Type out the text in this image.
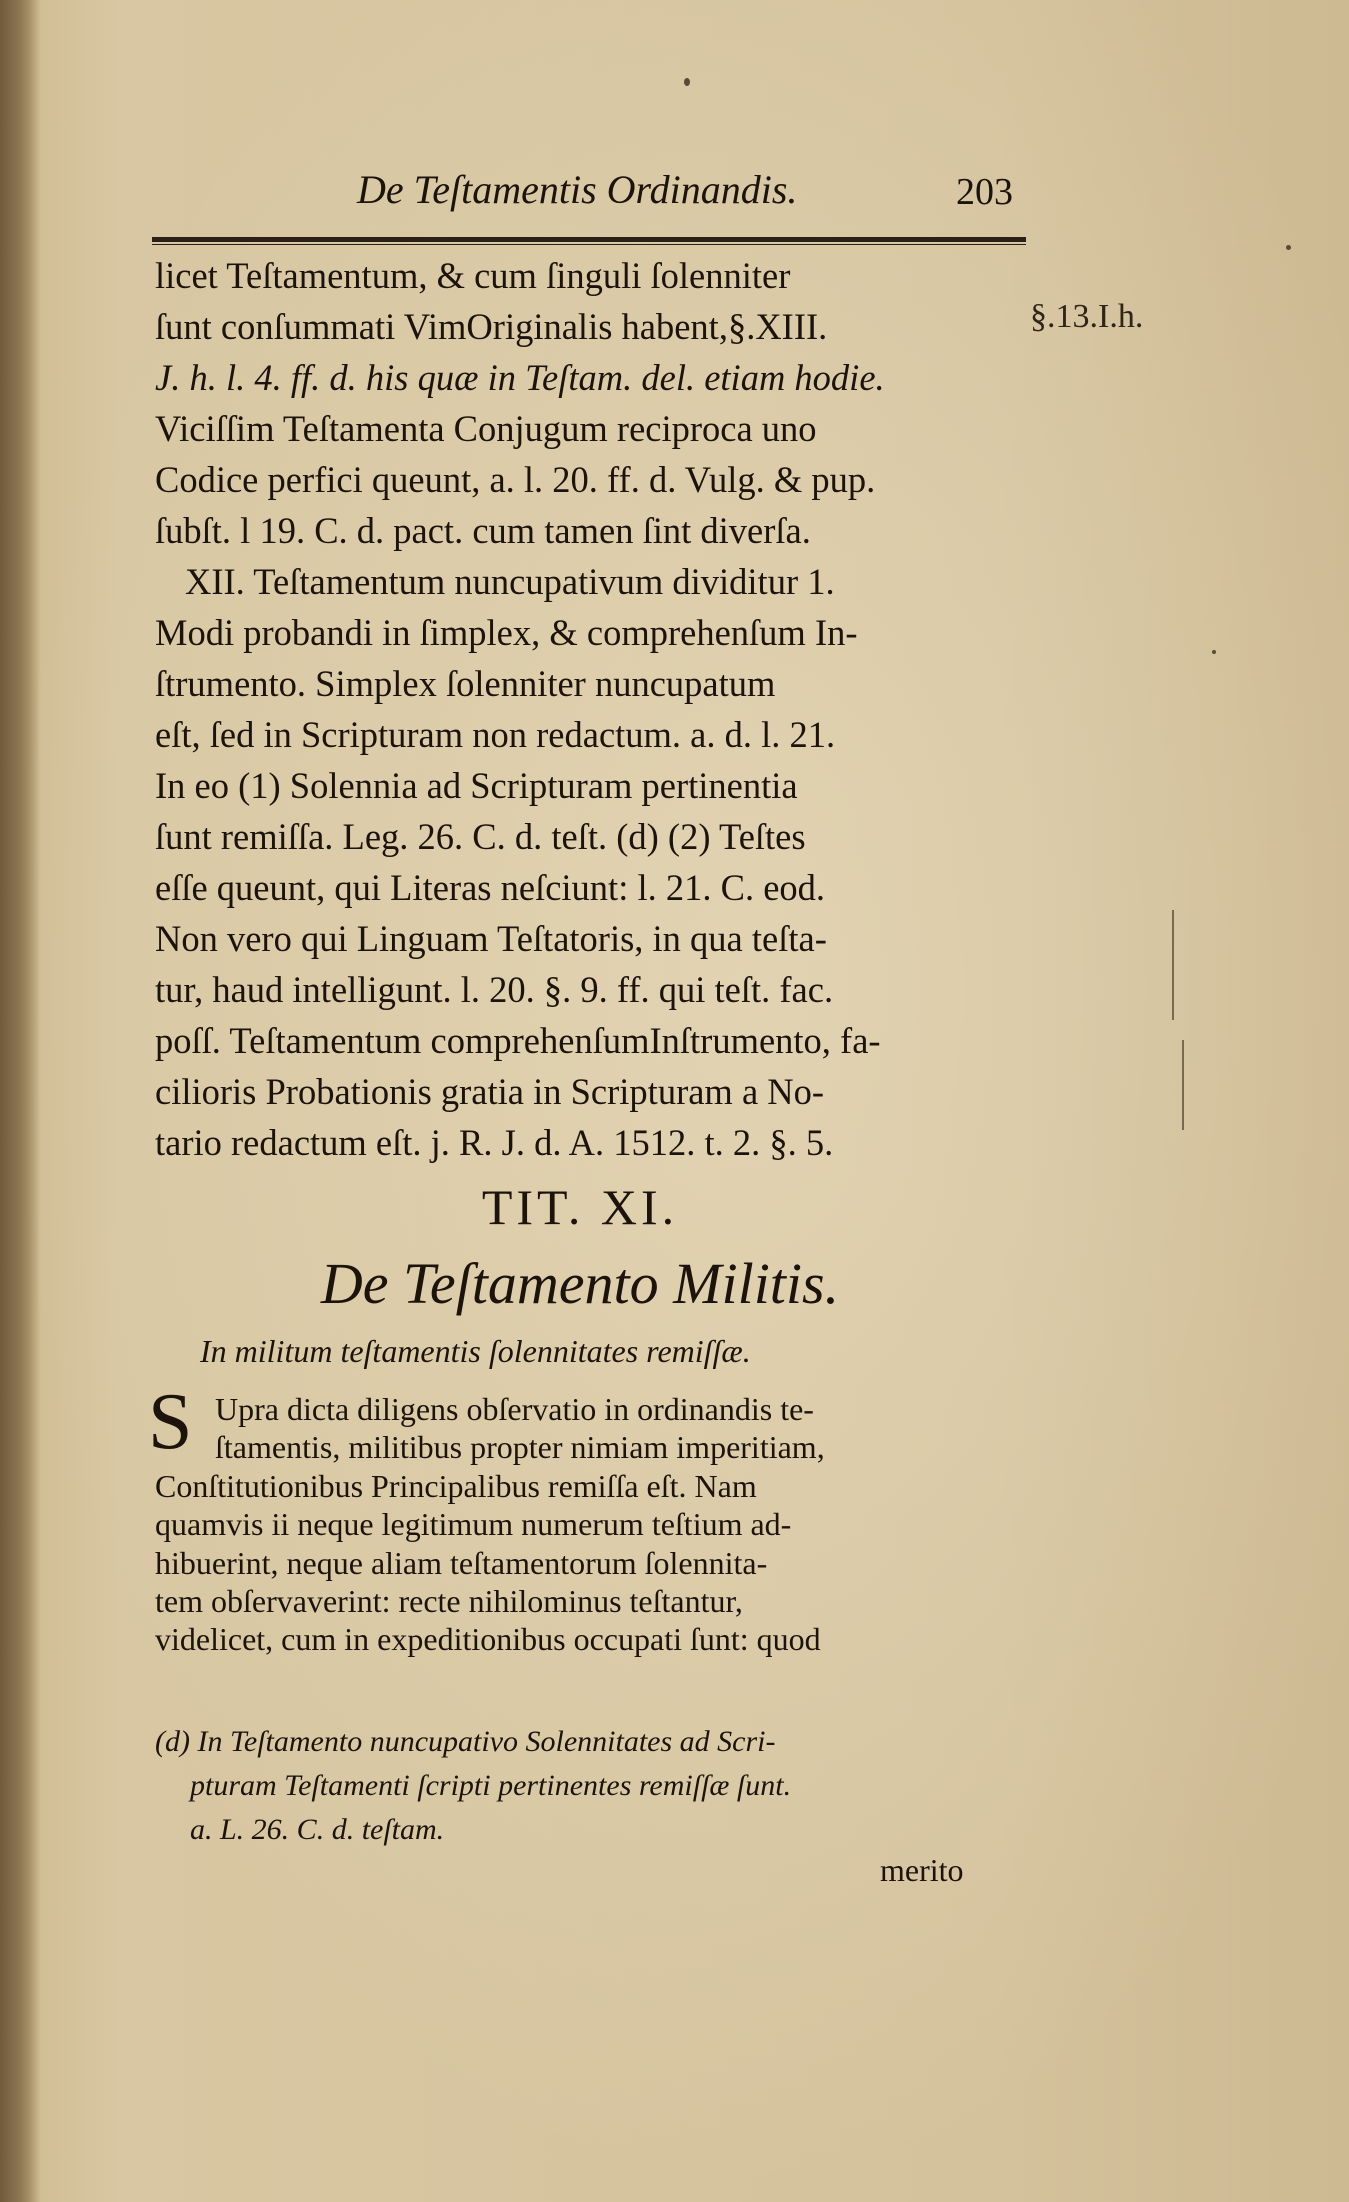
De Teſtamentis Ordinandis.	203
§.13.I.h.
licet Teſtamentum, & cum ſinguli ſolenniter
ſunt conſummati VimOriginalis habent,§.XIII.
J. h. l. 4. ff. d. his quæ in Teſtam. del. etiam hodie.
Viciſſim Teſtamenta Conjugum reciproca uno
Codice perfici queunt, a. l. 20. ff. d. Vulg. & pup.
ſubſt. l 19. C. d. pact. cum tamen ſint diverſa.
XII. Teſtamentum nuncupativum dividitur 1.
Modi probandi in ſimplex, & comprehenſum In-
ſtrumento. Simplex ſolenniter nuncupatum
eſt, ſed in Scripturam non redactum. a. d. l. 21.
In eo (1) Solennia ad Scripturam pertinentia
ſunt remiſſa. Leg. 26. C. d. teſt. (d) (2) Teſtes
eſſe queunt, qui Literas neſciunt: l. 21. C. eod.
Non vero qui Linguam Teſtatoris, in qua teſta-
tur, haud intelligunt. l. 20. §. 9. ff. qui teſt. fac.
poſſ. Teſtamentum comprehenſumInſtrumento, fa-
cilioris Probationis gratia in Scripturam a No-
tario redactum eſt. j. R. J. d. A. 1512. t. 2. §. 5.
TIT. XI.
De Teſtamento Militis.
In militum teſtamentis ſolennitates remiſſæ.
S Upra dicta diligens obſervatio in ordinandis te-
ſtamentis, militibus propter nimiam imperitiam,
Conſtitutionibus Principalibus remiſſa eſt. Nam
quamvis ii neque legitimum numerum teſtium ad-
hibuerint, neque aliam teſtamentorum ſolennita-
tem obſervaverint: recte nihilominus teſtantur,
videlicet, cum in expeditionibus occupati ſunt: quod
(d) In Teſtamento nuncupativo Solennitates ad Scri-
pturam Teſtamenti ſcripti pertinentes remiſſæ ſunt.
a. L. 26. C. d. teſtam.
merito
